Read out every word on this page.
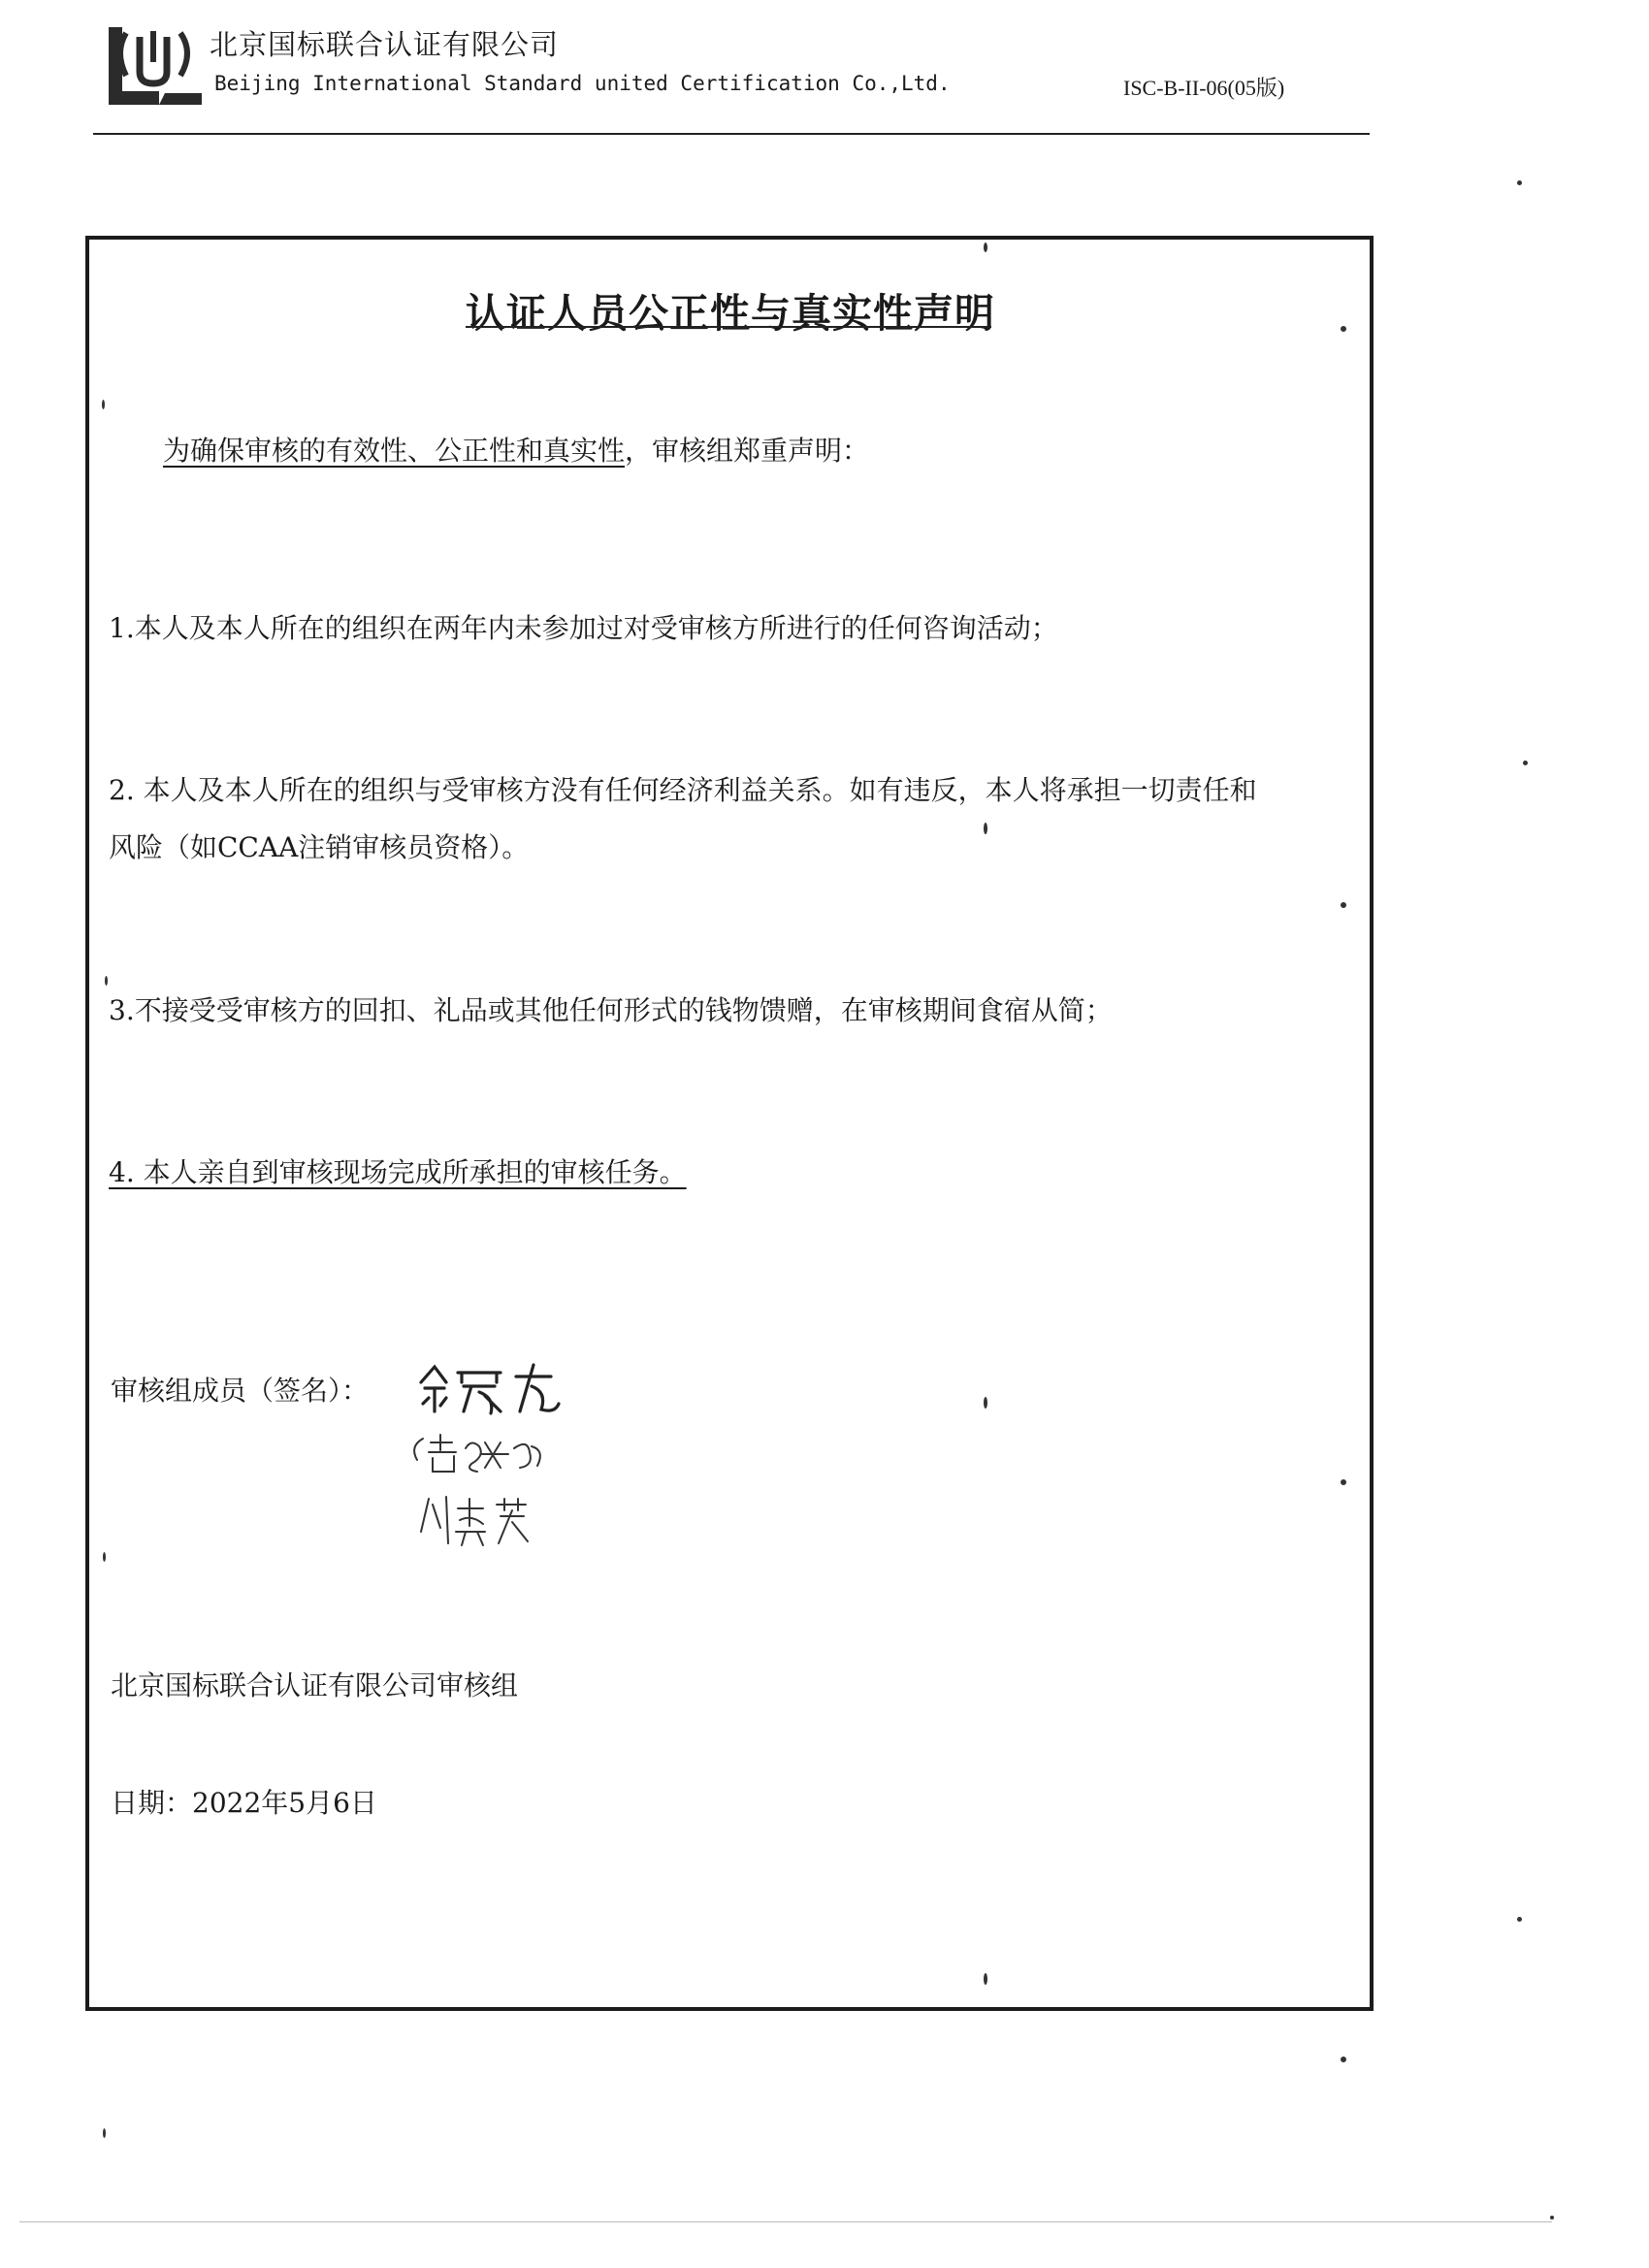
北京国标联合认证有限公司
Beijing International Standard united Certification Co.,Ltd.	ISC-B-II-06(05版)
认证人员公正性与真实性声明
为确保审核的有效性、公正性和真实性，审核组郑重声明：
1.本人及本人所在的组织在两年内未参加过对受审核方所进行的任何咨询活动；
2. 本人及本人所在的组织与受审核方没有任何经济利益关系。如有违反，本人将承担一切责任和
风险（如CCAA注销审核员资格）。
3.不接受受审核方的回扣、礼品或其他任何形式的钱物馈赠，在审核期间食宿从简；
4. 本人亲自到审核现场完成所承担的审核任务。
审核组成员（签名）：
北京国标联合认证有限公司审核组
日期：2022年5月6日
